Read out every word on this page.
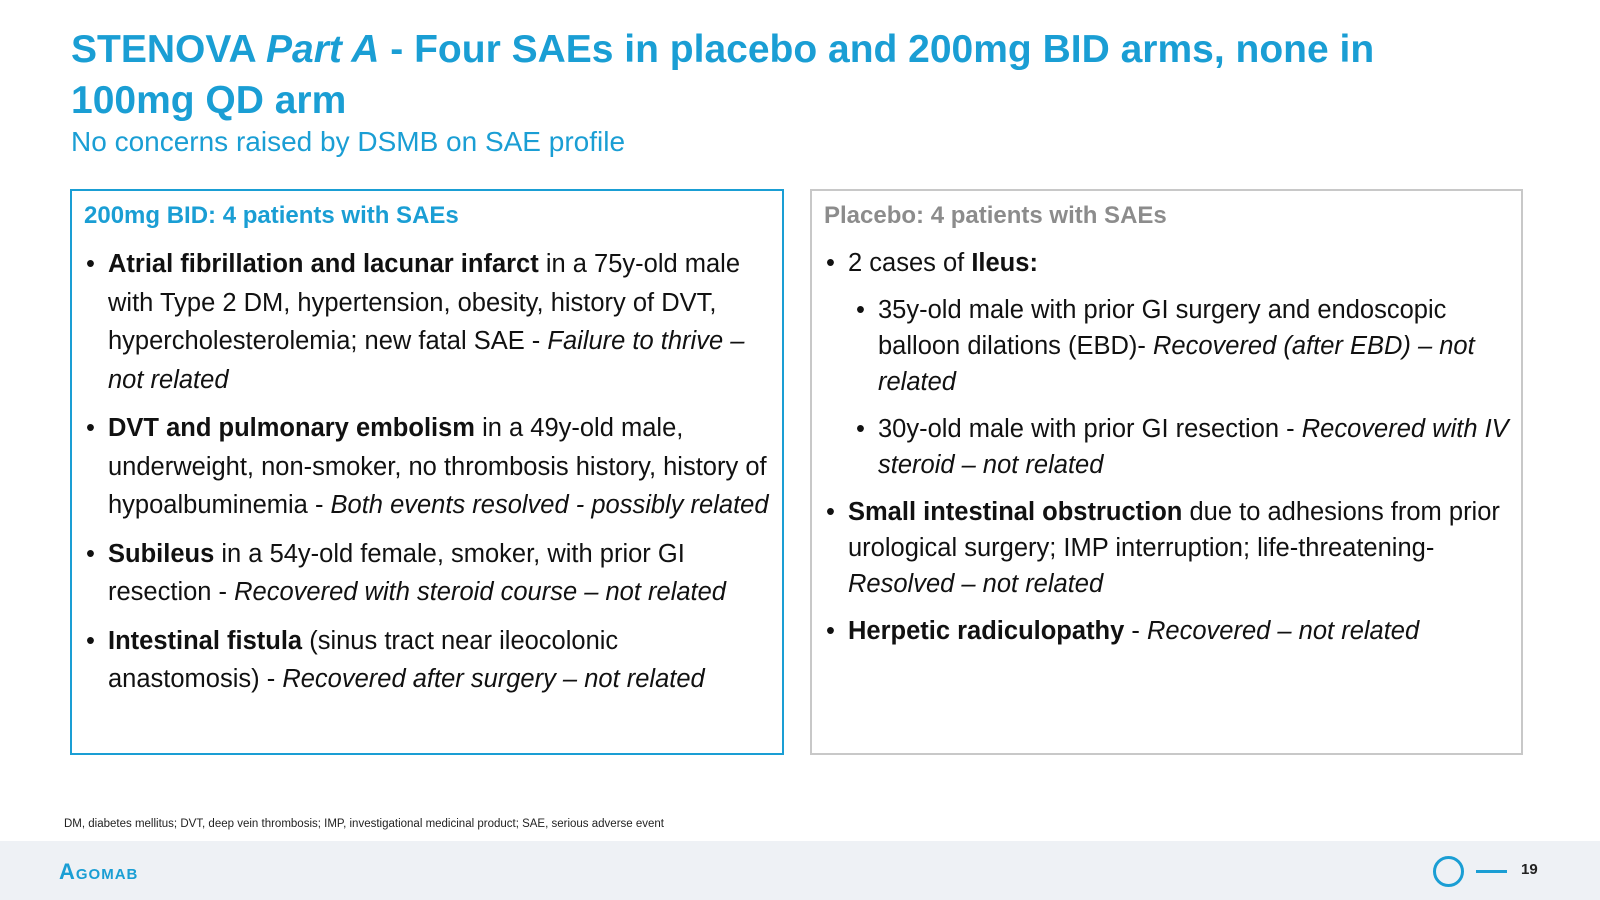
STENOVA Part A - Four SAEs in placebo and 200mg BID arms, none in 100mg QD arm
No concerns raised by DSMB on SAE profile
200mg BID: 4 patients with SAEs
• Atrial fibrillation and lacunar infarct in a 75y-old male with Type 2 DM, hypertension, obesity, history of DVT, hypercholesterolemia; new fatal SAE - Failure to thrive – not related
• DVT and pulmonary embolism in a 49y-old male, underweight, non-smoker, no thrombosis history, history of hypoalbuminemia - Both events resolved - possibly related
• Subileus in a 54y-old female, smoker, with prior GI resection - Recovered with steroid course – not related
• Intestinal fistula (sinus tract near ileocolonic anastomosis) - Recovered after surgery – not related
Placebo: 4 patients with SAEs
• 2 cases of Ileus:
• 35y-old male with prior GI surgery and endoscopic balloon dilations (EBD)- Recovered (after EBD) – not related
• 30y-old male with prior GI resection - Recovered with IV steroid – not related
• Small intestinal obstruction due to adhesions from prior urological surgery; IMP interruption; life-threatening- Resolved – not related
• Herpetic radiculopathy - Recovered – not related
DM, diabetes mellitus; DVT, deep vein thrombosis; IMP, investigational medicinal product; SAE, serious adverse event
Agomab	19
